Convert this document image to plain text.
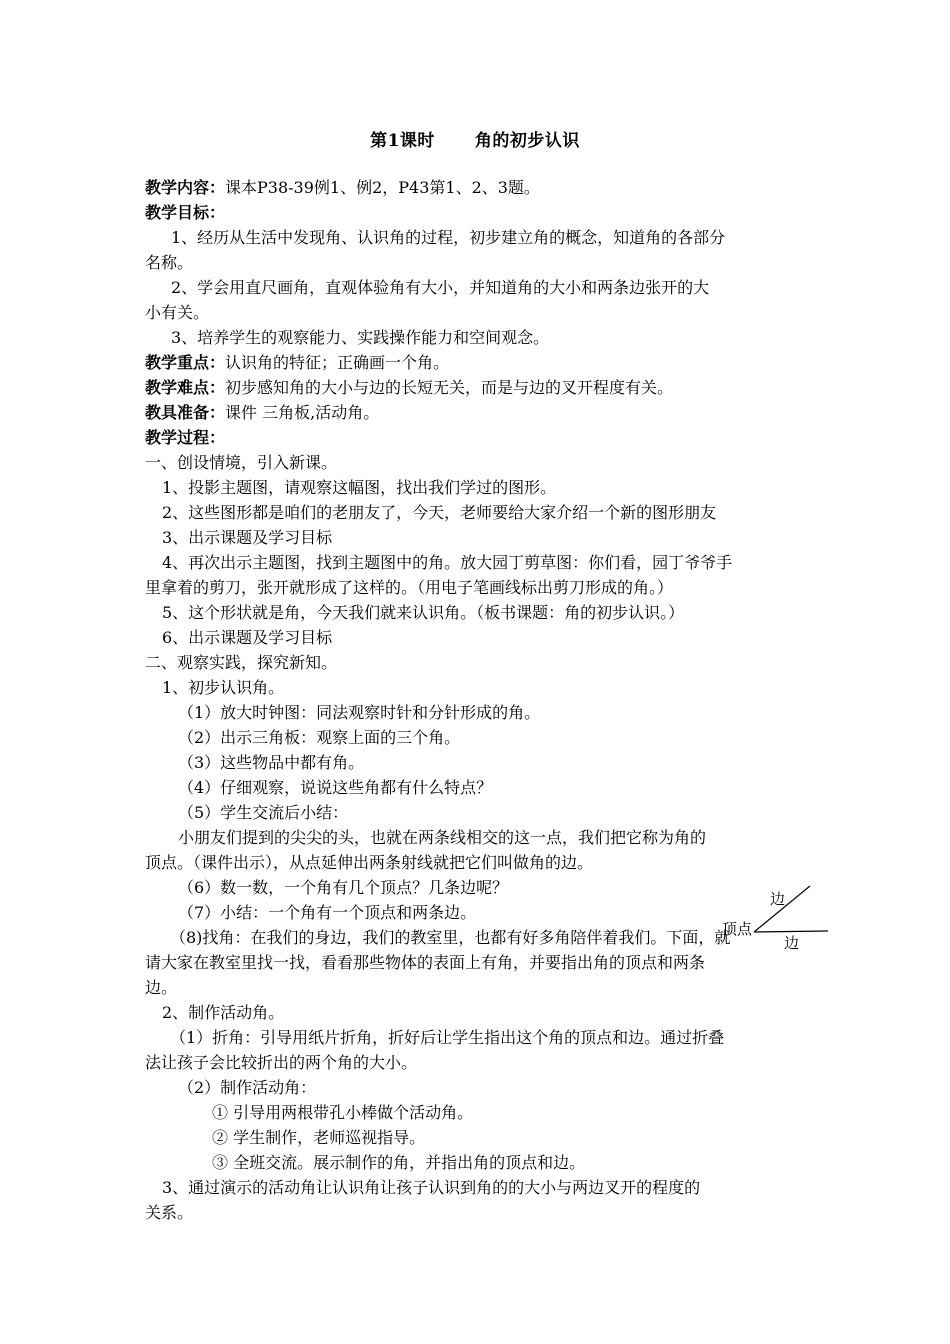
第1课时 角的初步认识
教学内容：课本P38-39例1、例2，P43第1、2、3题。
教学目标：
1、经历从生活中发现角、认识角的过程，初步建立角的概念，知道角的各部分
名称。
2、学会用直尺画角，直观体验角有大小，并知道角的大小和两条边张开的大
小有关。
3、培养学生的观察能力、实践操作能力和空间观念。
教学重点：认识角的特征；正确画一个角。
教学难点：初步感知角的大小与边的长短无关，而是与边的叉开程度有关。
教具准备：课件 三角板,活动角。
教学过程：
一、创设情境，引入新课。
1、投影主题图，请观察这幅图，找出我们学过的图形。
2、这些图形都是咱们的老朋友了，今天，老师要给大家介绍一个新的图形朋友
3、出示课题及学习目标
4、再次出示主题图，找到主题图中的角。放大园丁剪草图：你们看，园丁爷爷手
里拿着的剪刀，张开就形成了这样的。（用电子笔画线标出剪刀形成的角。）
5、这个形状就是角，今天我们就来认识角。（板书课题：角的初步认识。）
6、出示课题及学习目标
二、观察实践，探究新知。
1、初步认识角。
（1）放大时钟图：同法观察时针和分针形成的角。
（2）出示三角板：观察上面的三个角。
（3）这些物品中都有角。
（4）仔细观察，说说这些角都有什么特点？
（5）学生交流后小结：
小朋友们提到的尖尖的头，也就在两条线相交的这一点，我们把它称为角的
顶点。（课件出示），从点延伸出两条射线就把它们叫做角的边。
（6）数一数，一个角有几个顶点？几条边呢？
（7）小结：一个角有一个顶点和两条边。
（8)找角：在我们的身边，我们的教室里，也都有好多角陪伴着我们。下面，就
请大家在教室里找一找，看看那些物体的表面上有角，并要指出角的顶点和两条
边。
2、制作活动角。
（1）折角：引导用纸片折角，折好后让学生指出这个角的顶点和边。通过折叠
法让孩子会比较折出的两个角的大小。
（2）制作活动角：
① 引导用两根带孔小棒做个活动角。
② 学生制作，老师巡视指导。
③ 全班交流。展示制作的角，并指出角的顶点和边。
3、通过演示的活动角让认识角让孩子认识到角的的大小与两边叉开的程度的
关系。
边
顶点
边
